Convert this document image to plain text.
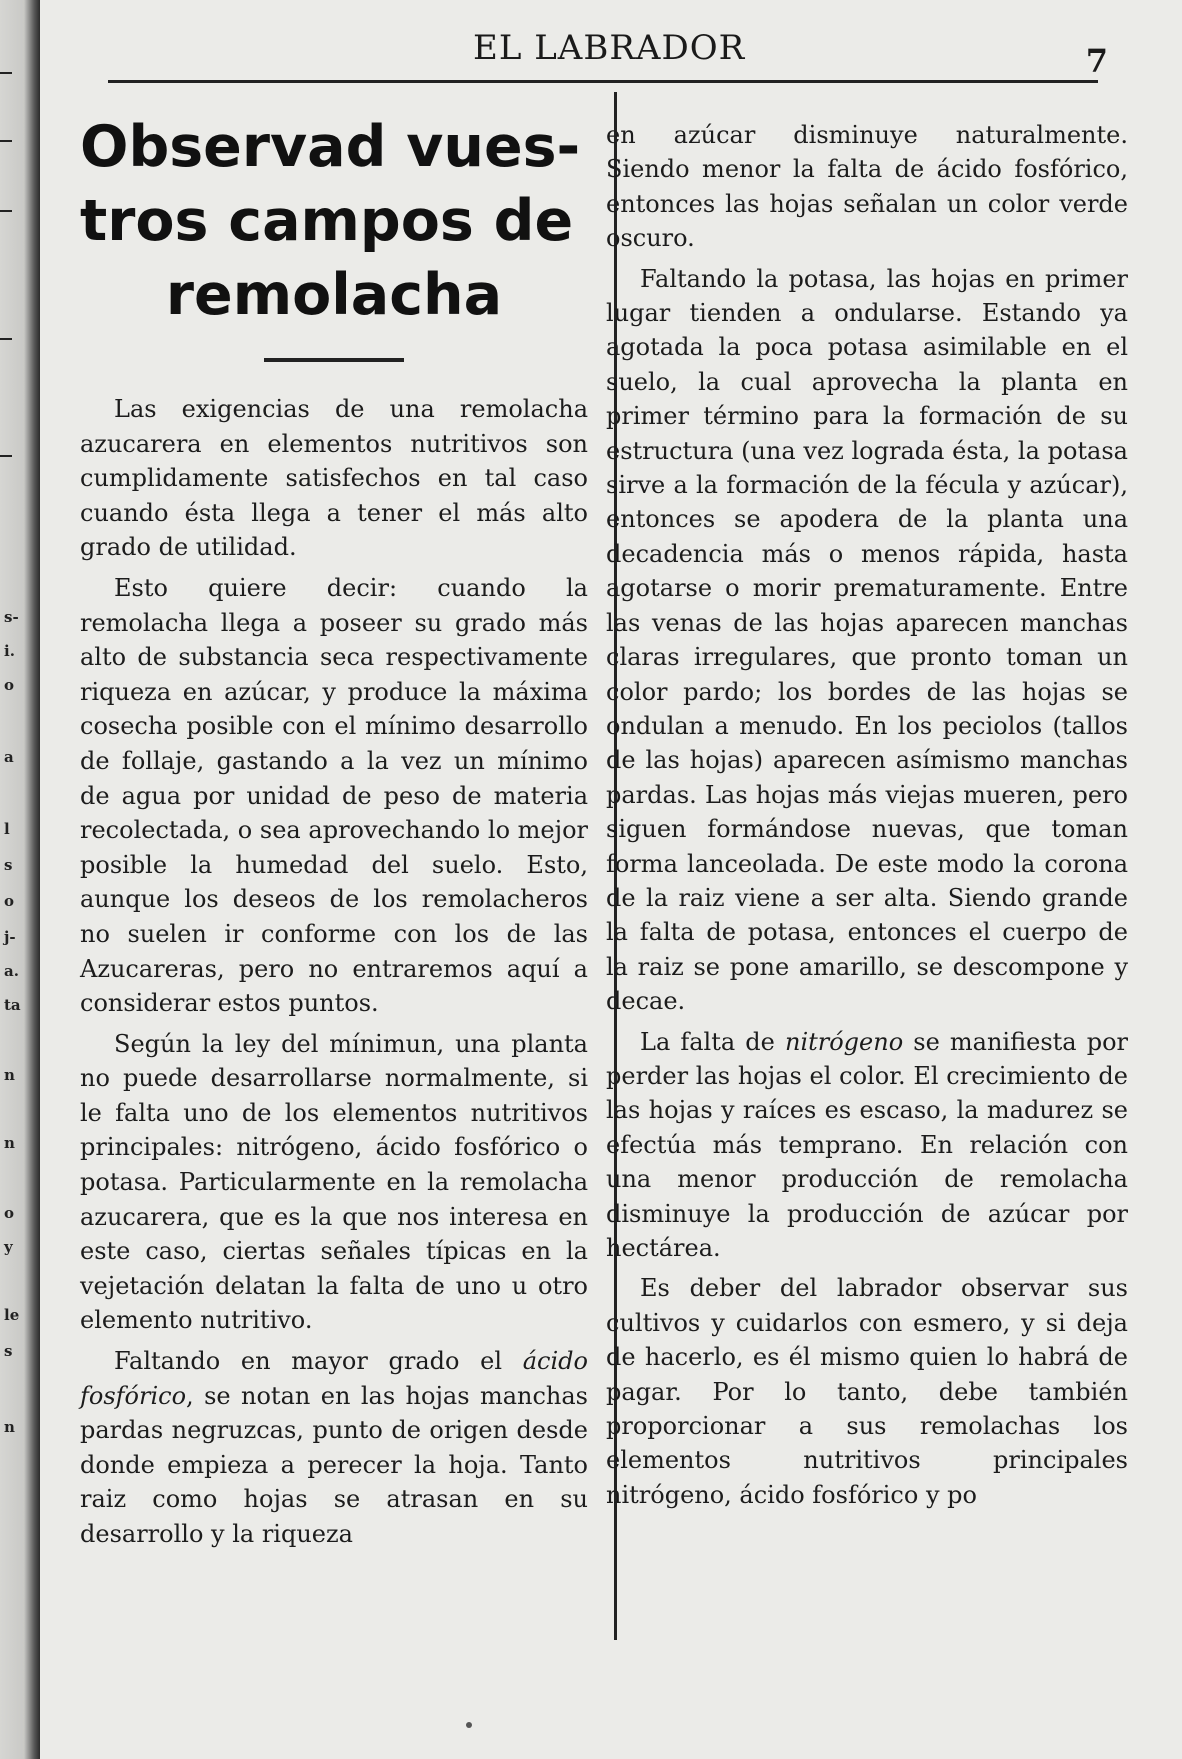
s-
i.
o
a
l
s
o
j-
a.
ta
n
n
o
y
le
s
n
EL LABRADOR	7
Observad vues-
tros campos de
remolacha

Las exigencias de una remolacha azucarera en elementos nutritivos son cumplidamente satisfechos en tal caso cuando ésta llega a tener el más alto grado de utilidad.

Esto quiere decir: cuando la remolacha llega a poseer su grado más alto de substancia seca respectivamente riqueza en azúcar, y produce la máxima cosecha posible con el mínimo desarrollo de follaje, gastando a la vez un mínimo de agua por unidad de peso de materia recolectada, o sea aprovechando lo mejor posible la humedad del suelo. Esto, aunque los deseos de los remolacheros no suelen ir conforme con los de las Azucareras, pero no entraremos aquí a considerar estos puntos.

Según la ley del mínimun, una planta no puede desarrollarse normalmente, si le falta uno de los elementos nutritivos principales: nitrógeno, ácido fosfórico o potasa. Particularmente en la remolacha azucarera, que es la que nos interesa en este caso, ciertas señales típicas en la vejetación delatan la falta de uno u otro elemento nutritivo.

Faltando en mayor grado el ácido fosfórico, se notan en las hojas manchas pardas negruzcas, punto de origen desde donde empieza a perecer la hoja. Tanto raiz como hojas se atrasan en su desarrollo y la riqueza

en azúcar disminuye naturalmente. Siendo menor la falta de ácido fosfórico, entonces las hojas señalan un color verde oscuro.

Faltando la potasa, las hojas en primer lugar tienden a ondularse. Estando ya agotada la poca potasa asimilable en el suelo, la cual aprovecha la planta en primer término para la formación de su estructura (una vez lograda ésta, la potasa sirve a la formación de la fécula y azúcar), entonces se apodera de la planta una decadencia más o menos rápida, hasta agotarse o morir prematuramente. Entre las venas de las hojas aparecen manchas claras irregulares, que pronto toman un color pardo; los bordes de las hojas se ondulan a menudo. En los peciolos (tallos de las hojas) aparecen asímismo manchas pardas. Las hojas más viejas mueren, pero siguen formándose nuevas, que toman forma lanceolada. De este modo la corona de la raiz viene a ser alta. Siendo grande la falta de potasa, entonces el cuerpo de la raiz se pone amarillo, se descompone y decae.

La falta de nitrógeno se manifiesta por perder las hojas el color. El crecimiento de las hojas y raíces es escaso, la madurez se efectúa más temprano. En relación con una menor producción de remolacha disminuye la producción de azúcar por hectárea.

Es deber del labrador observar sus cultivos y cuidarlos con esmero, y si deja de hacerlo, es él mismo quien lo habrá de pagar. Por lo tanto, debe también proporcionar a sus remolachas los elementos nutritivos principales nitrógeno, ácido fosfórico y po
